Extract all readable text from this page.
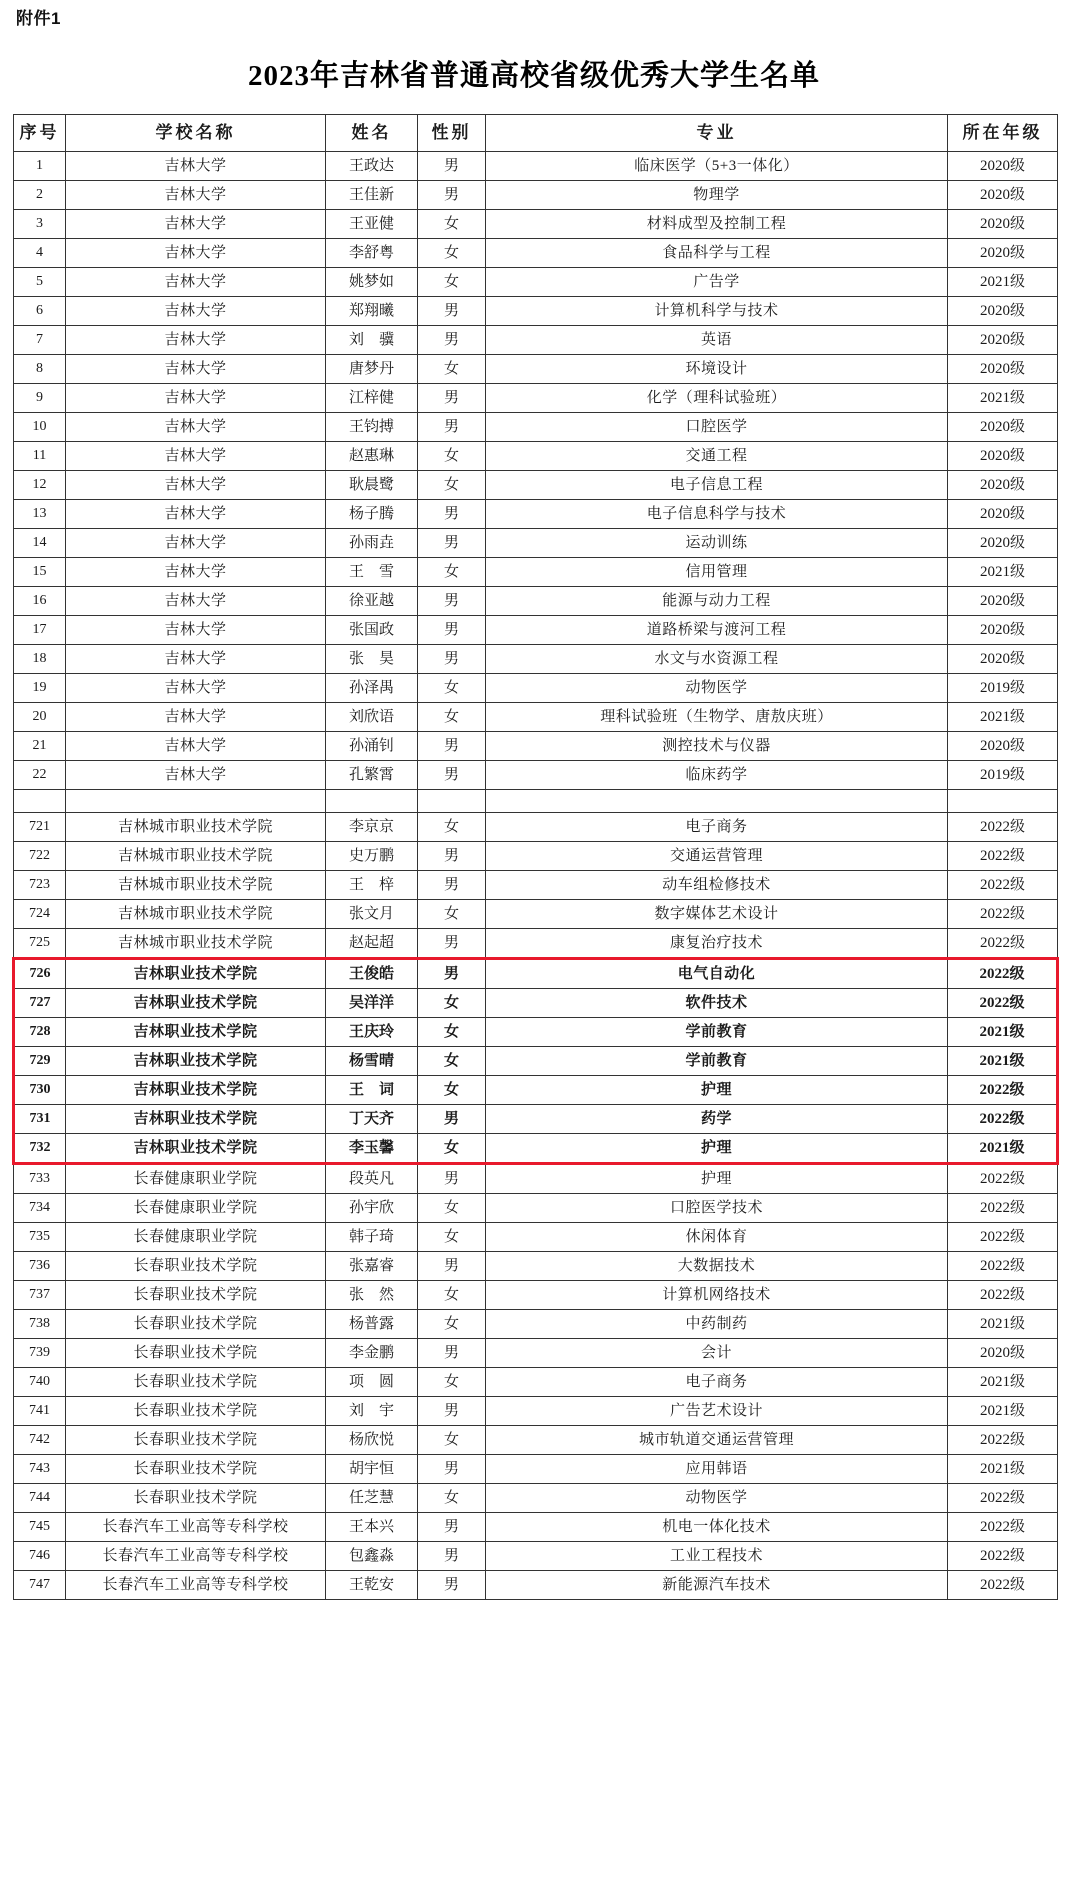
附件1
2023年吉林省普通高校省级优秀大学生名单
序号	学校名称	姓名	性别	专业	所在年级
1	吉林大学	王政达	男	临床医学（5+3一体化）	2020级
2	吉林大学	王佳新	男	物理学	2020级
3	吉林大学	王亚健	女	材料成型及控制工程	2020级
4	吉林大学	李舒粤	女	食品科学与工程	2020级
5	吉林大学	姚梦如	女	广告学	2021级
6	吉林大学	郑翔曦	男	计算机科学与技术	2020级
7	吉林大学	刘　骥	男	英语	2020级
8	吉林大学	唐梦丹	女	环境设计	2020级
9	吉林大学	江梓健	男	化学（理科试验班）	2021级
10	吉林大学	王钧搏	男	口腔医学	2020级
11	吉林大学	赵惠琳	女	交通工程	2020级
12	吉林大学	耿晨鹭	女	电子信息工程	2020级
13	吉林大学	杨子腾	男	电子信息科学与技术	2020级
14	吉林大学	孙雨垚	男	运动训练	2020级
15	吉林大学	王　雪	女	信用管理	2021级
16	吉林大学	徐亚越	男	能源与动力工程	2020级
17	吉林大学	张国政	男	道路桥梁与渡河工程	2020级
18	吉林大学	张　昊	男	水文与水资源工程	2020级
19	吉林大学	孙泽禺	女	动物医学	2019级
20	吉林大学	刘欣语	女	理科试验班（生物学、唐敖庆班）	2021级
21	吉林大学	孙涌钊	男	测控技术与仪器	2020级
22	吉林大学	孔繁霄	男	临床药学	2019级

721	吉林城市职业技术学院	李京京	女	电子商务	2022级
722	吉林城市职业技术学院	史万鹏	男	交通运营管理	2022级
723	吉林城市职业技术学院	王　梓	男	动车组检修技术	2022级
724	吉林城市职业技术学院	张文月	女	数字媒体艺术设计	2022级
725	吉林城市职业技术学院	赵起超	男	康复治疗技术	2022级
726	吉林职业技术学院	王俊皓	男	电气自动化	2022级
727	吉林职业技术学院	吴洋洋	女	软件技术	2022级
728	吉林职业技术学院	王庆玲	女	学前教育	2021级
729	吉林职业技术学院	杨雪晴	女	学前教育	2021级
730	吉林职业技术学院	王　词	女	护理	2022级
731	吉林职业技术学院	丁天齐	男	药学	2022级
732	吉林职业技术学院	李玉馨	女	护理	2021级
733	长春健康职业学院	段英凡	男	护理	2022级
734	长春健康职业学院	孙宇欣	女	口腔医学技术	2022级
735	长春健康职业学院	韩子琦	女	休闲体育	2022级
736	长春职业技术学院	张嘉睿	男	大数据技术	2022级
737	长春职业技术学院	张　然	女	计算机网络技术	2022级
738	长春职业技术学院	杨普露	女	中药制药	2021级
739	长春职业技术学院	李金鹏	男	会计	2020级
740	长春职业技术学院	项　圆	女	电子商务	2021级
741	长春职业技术学院	刘　宇	男	广告艺术设计	2021级
742	长春职业技术学院	杨欣悦	女	城市轨道交通运营管理	2022级
743	长春职业技术学院	胡宇恒	男	应用韩语	2021级
744	长春职业技术学院	任芝慧	女	动物医学	2022级
745	长春汽车工业高等专科学校	王本兴	男	机电一体化技术	2022级
746	长春汽车工业高等专科学校	包鑫淼	男	工业工程技术	2022级
747	长春汽车工业高等专科学校	王乾安	男	新能源汽车技术	2022级
